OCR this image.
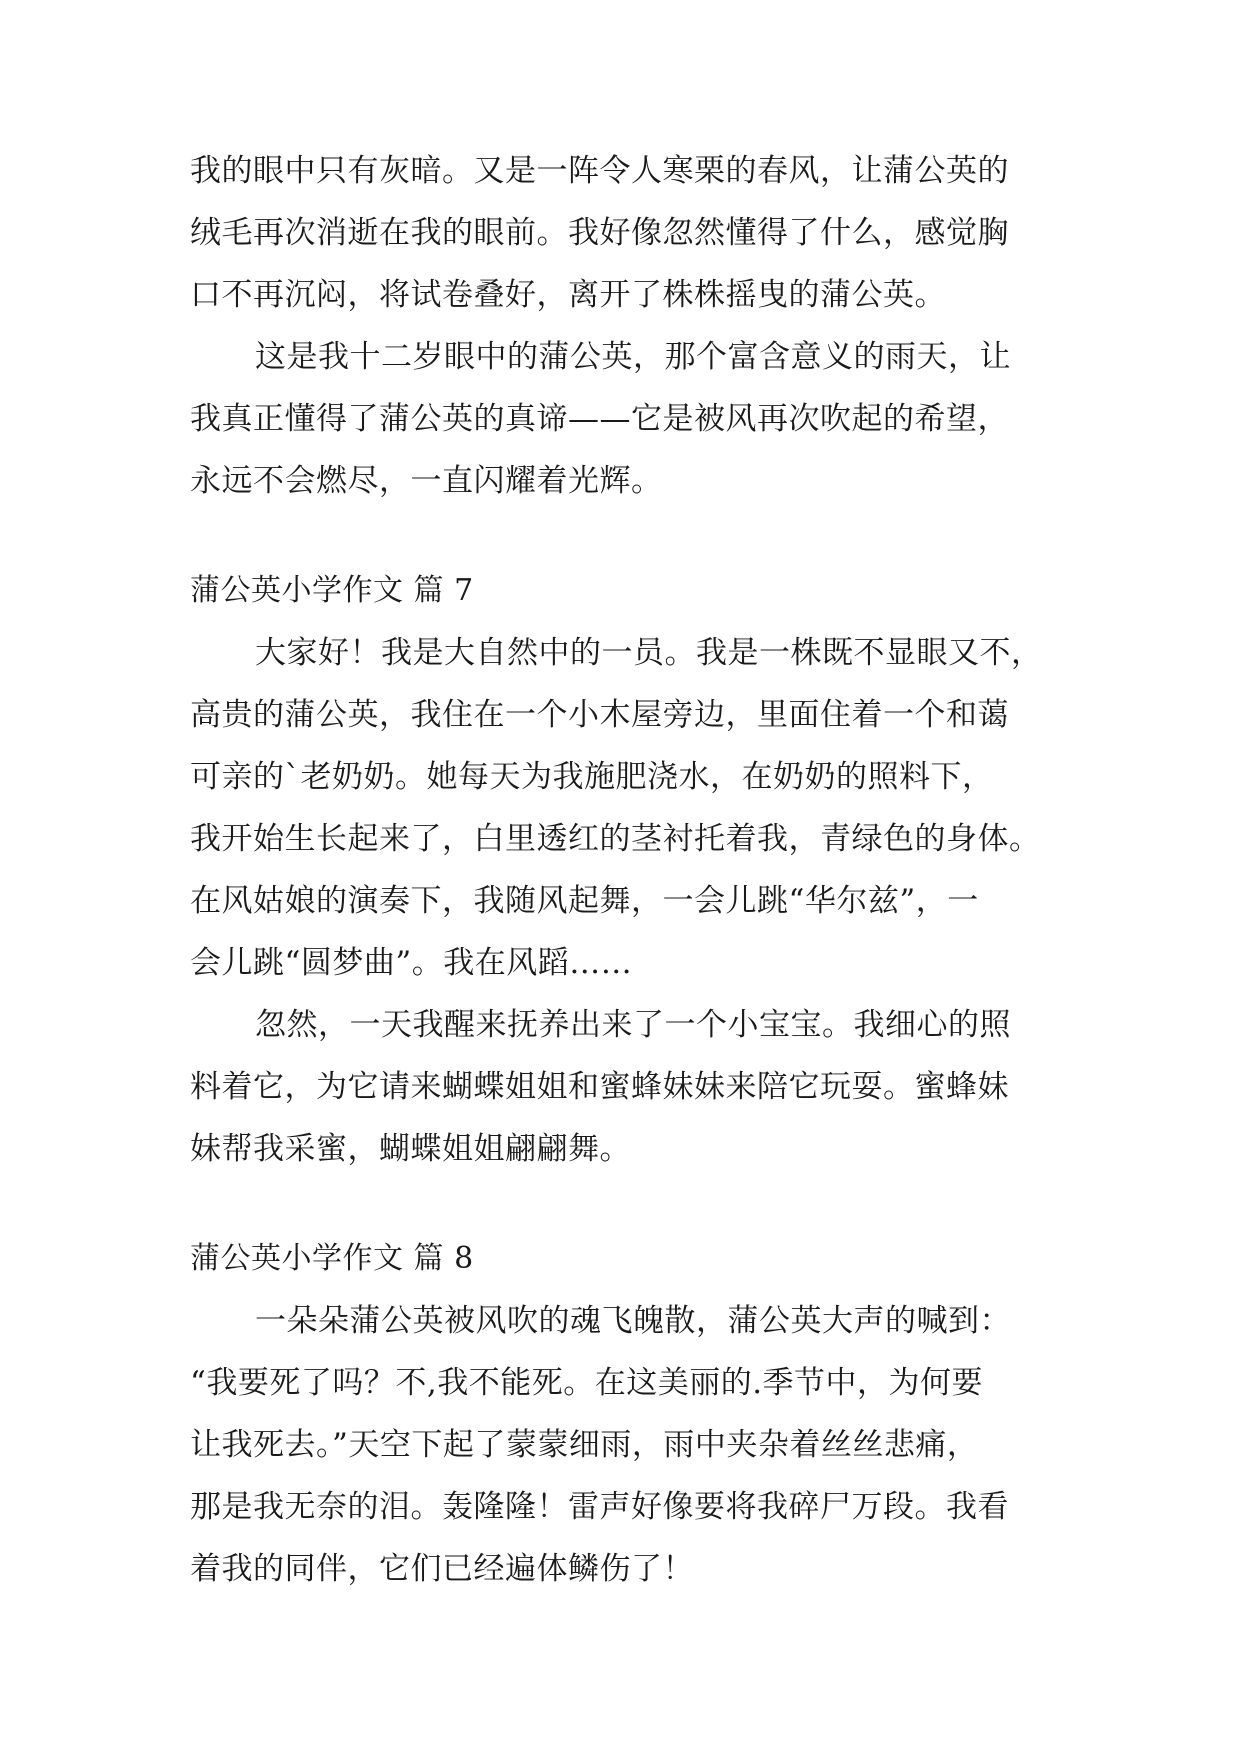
我的眼中只有灰暗。又是一阵令人寒栗的春风，让蒲公英的
绒毛再次消逝在我的眼前。我好像忽然懂得了什么，感觉胸
口不再沉闷，将试卷叠好，离开了株株摇曳的蒲公英。
这是我十二岁眼中的蒲公英，那个富含意义的雨天，让
我真正懂得了蒲公英的真谛——它是被风再次吹起的希望，
永远不会燃尽，一直闪耀着光辉。
蒲公英小学作文 篇 7
大家好！我是大自然中的一员。我是一株既不显眼又不，
高贵的蒲公英，我住在一个小木屋旁边，里面住着一个和蔼
可亲的`老奶奶。她每天为我施肥浇水，在奶奶的照料下，
我开始生长起来了，白里透红的茎衬托着我，青绿色的身体。
在风姑娘的演奏下，我随风起舞，一会儿跳“华尔兹”，一
会儿跳“圆梦曲”。我在风蹈……
忽然，一天我醒来抚养出来了一个小宝宝。我细心的照
料着它，为它请来蝴蝶姐姐和蜜蜂妹妹来陪它玩耍。蜜蜂妹
妹帮我采蜜，蝴蝶姐姐翩翩舞。
蒲公英小学作文 篇 8
一朵朵蒲公英被风吹的魂飞魄散，蒲公英大声的喊到：
“我要死了吗？不,我不能死。在这美丽的.季节中，为何要
让我死去。”天空下起了蒙蒙细雨，雨中夹杂着丝丝悲痛，
那是我无奈的泪。轰隆隆！雷声好像要将我碎尸万段。我看
着我的同伴，它们已经遍体鳞伤了！
